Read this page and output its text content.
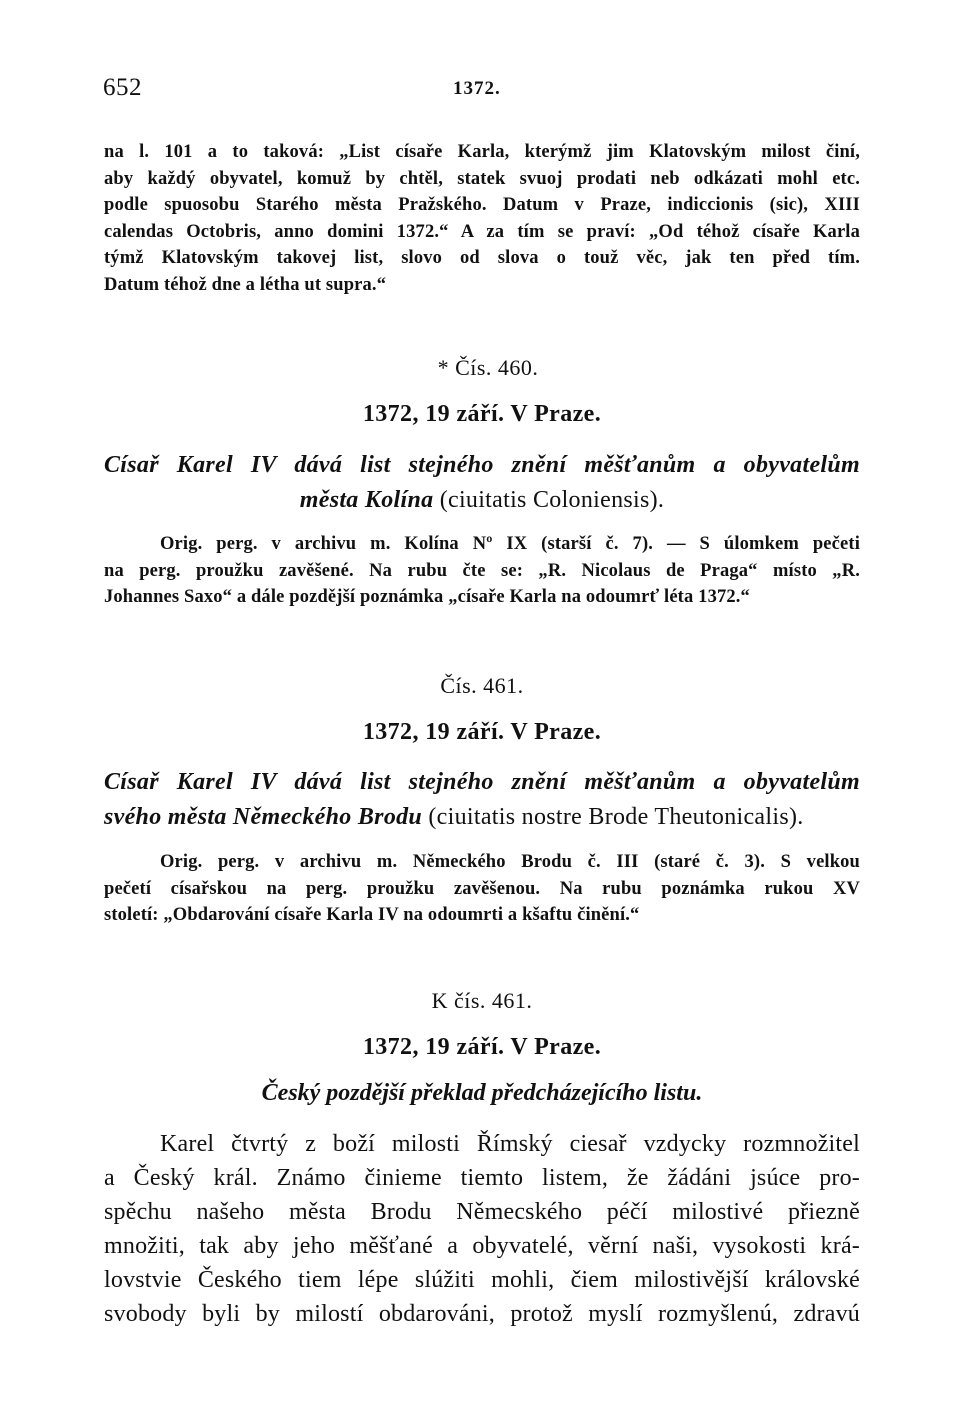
652	1372.
na l. 101 a to taková: „List císaře Karla, kterýmž jim Klatovským milost činí,
aby každý obyvatel, komuž by chtěl, statek svuoj prodati neb odkázati mohl etc.
podle spuosobu Starého města Pražského. Datum v Praze, indiccionis (sic), XIII
calendas Octobris, anno domini 1372.“ A za tím se praví: „Od téhož císaře Karla
týmž Klatovským takovej list, slovo od slova o touž věc, jak ten před tím.
Datum téhož dne a létha ut supra.“
* Čís. 460.
1372, 19 září. V Praze.
Císař Karel IV dává list stejného znění měšťanům a obyvatelům
města Kolína (ciuitatis Coloniensis).
Orig. perg. v archivu m. Kolína Nº IX (starší č. 7). — S úlomkem pečeti
na perg. proužku zavěšené. Na rubu čte se: „R. Nicolaus de Praga“ místo „R.
Johannes Saxo“ a dále pozdější poznámka „císaře Karla na odoumrť léta 1372.“
Čís. 461.
1372, 19 září. V Praze.
Císař Karel IV dává list stejného znění měšťanům a obyvatelům
svého města Německého Brodu (ciuitatis nostre Brode Theutonicalis).
Orig. perg. v archivu m. Německého Brodu č. III (staré č. 3). S velkou
pečetí císařskou na perg. proužku zavěšenou. Na rubu poznámka rukou XV
století: „Obdarování císaře Karla IV na odoumrti a kšaftu činění.“
K čís. 461.
1372, 19 září. V Praze.
Český pozdější překlad předcházejícího listu.
Karel čtvrtý z boží milosti Římský ciesař vzdycky rozmnožitel
a Český král. Známo činieme tiemto listem, že žádáni jsúce pro-
spěchu našeho města Brodu Němecského péčí milostivé přiezně
množiti, tak aby jeho měšťané a obyvatelé, věrní naši, vysokosti krá-
lovstvie Českého tiem lépe slúžiti mohli, čiem milostivější královské
svobody byli by milostí obdarováni, protož myslí rozmyšlenú, zdravú
